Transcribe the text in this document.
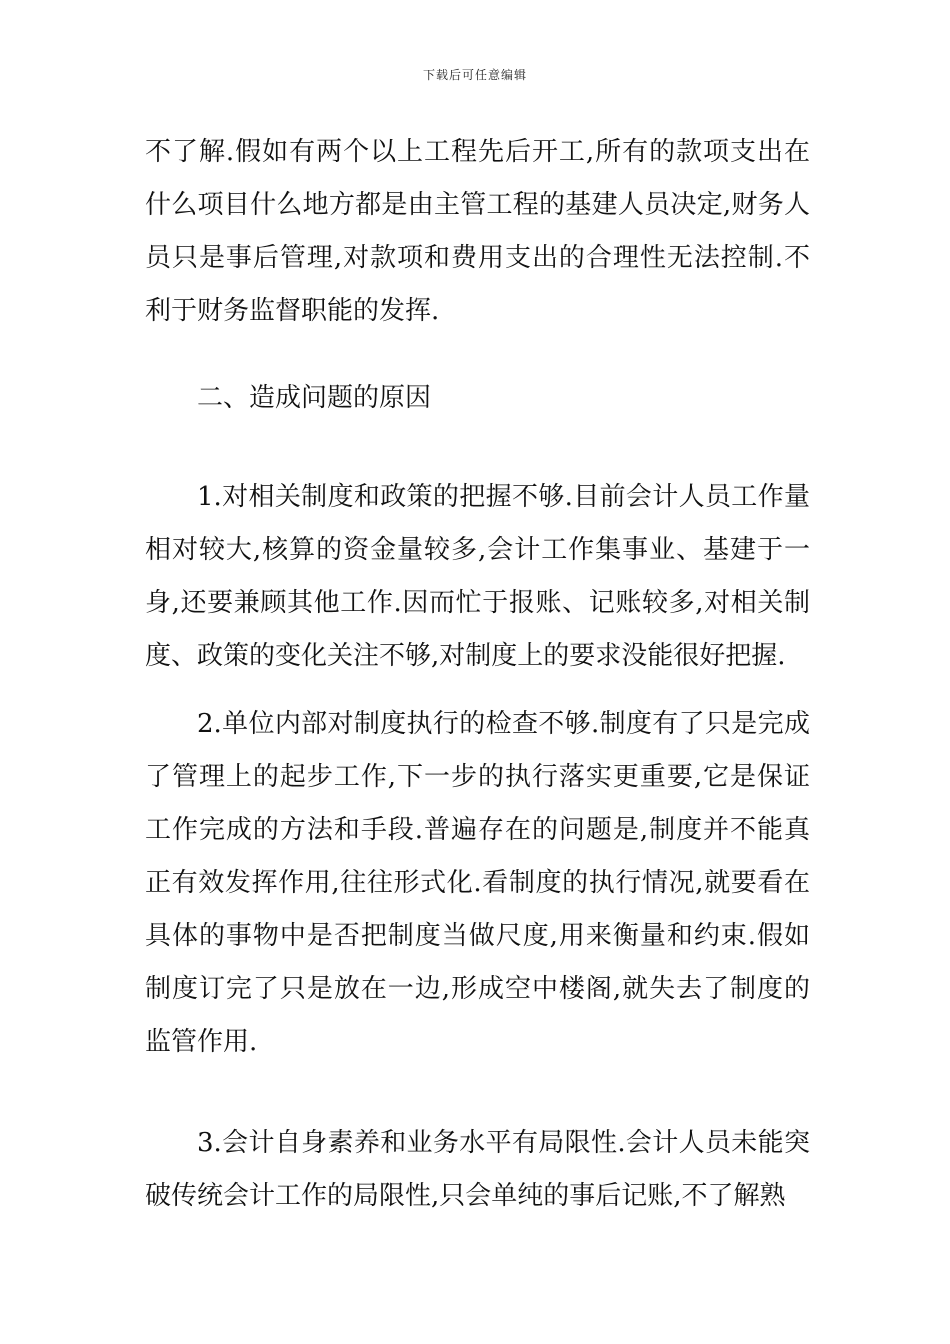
下载后可任意编辑

不了解.假如有两个以上工程先后开工,所有的款项支出在什么项目什么地方都是由主管工程的基建人员决定,财务人员只是事后管理,对款项和费用支出的合理性无法控制.不利于财务监督职能的发挥.

二、造成问题的原因

1.对相关制度和政策的把握不够.目前会计人员工作量相对较大,核算的资金量较多,会计工作集事业、基建于一身,还要兼顾其他工作.因而忙于报账、记账较多,对相关制度、政策的变化关注不够,对制度上的要求没能很好把握.

2.单位内部对制度执行的检查不够.制度有了只是完成了管理上的起步工作,下一步的执行落实更重要,它是保证工作完成的方法和手段.普遍存在的问题是,制度并不能真正有效发挥作用,往往形式化.看制度的执行情况,就要看在具体的事物中是否把制度当做尺度,用来衡量和约束.假如制度订完了只是放在一边,形成空中楼阁,就失去了制度的监管作用.

3.会计自身素养和业务水平有局限性.会计人员未能突破传统会计工作的局限性,只会单纯的事后记账,不了解熟
